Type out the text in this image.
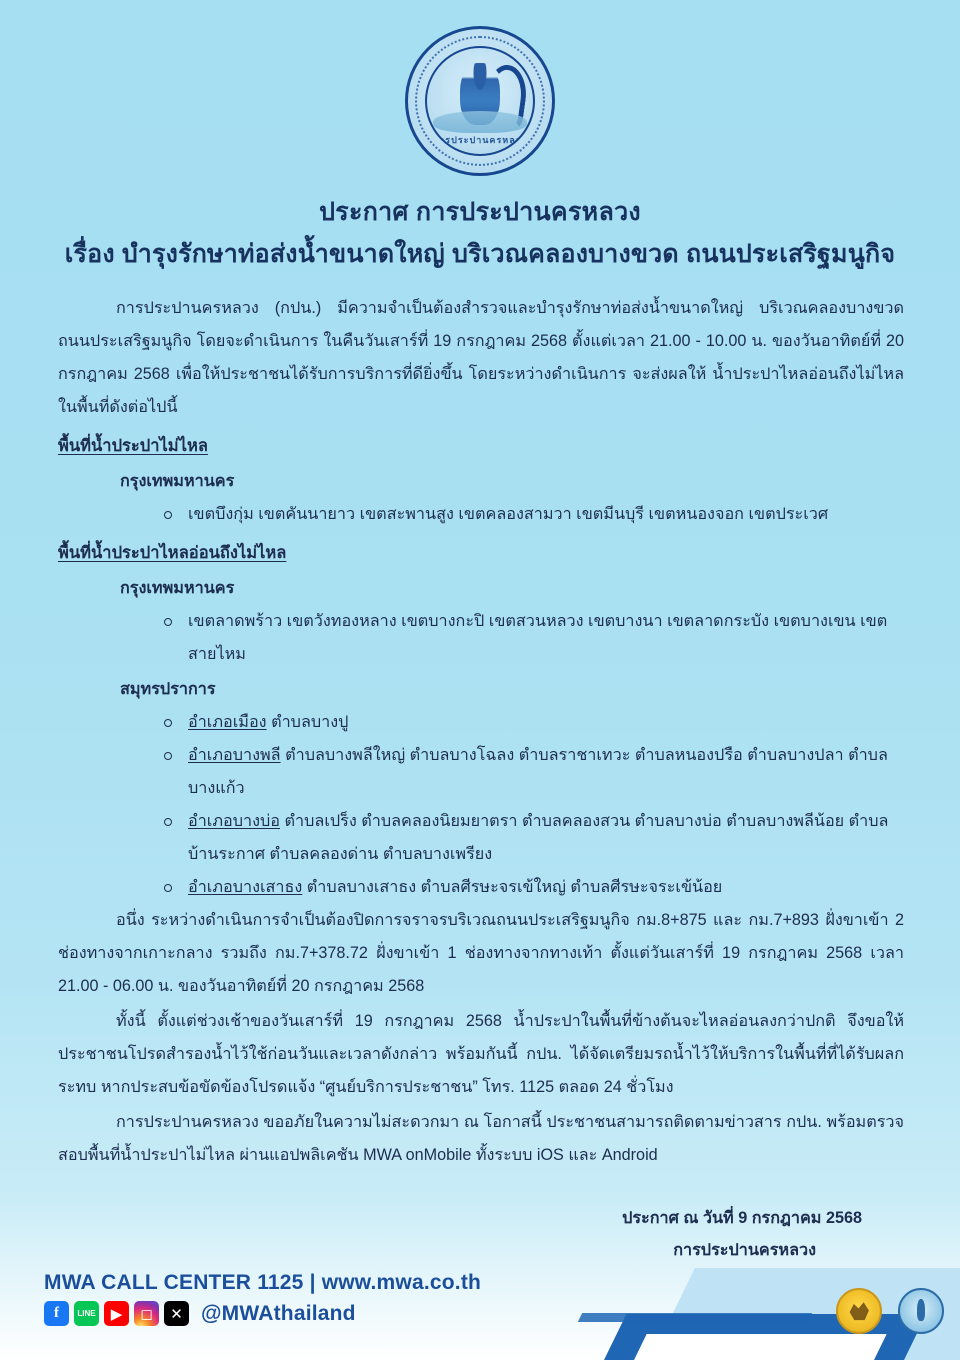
การประปานครหลวง
ประกาศ การประปานครหลวง
เรื่อง บำรุงรักษาท่อส่งน้ำขนาดใหญ่ บริเวณคลองบางขวด ถนนประเสริฐมนูกิจ

การประปานครหลวง (กปน.) มีความจำเป็นต้องสำรวจและบำรุงรักษาท่อส่งน้ำขนาดใหญ่ บริเวณคลองบางขวด ถนนประเสริฐมนูกิจ โดยจะดำเนินการ ในคืนวันเสาร์ที่ 19 กรกฎาคม 2568 ตั้งแต่เวลา 21.00 - 10.00 น. ของวันอาทิตย์ที่ 20 กรกฎาคม 2568 เพื่อให้ประชาชนได้รับการบริการที่ดียิ่งขึ้น โดยระหว่างดำเนินการ จะส่งผลให้ น้ำประปาไหลอ่อนถึงไม่ไหล ในพื้นที่ดังต่อไปนี้

พื้นที่น้ำประปาไม่ไหล
กรุงเทพมหานคร
เขตบึงกุ่ม เขตคันนายาว เขตสะพานสูง เขตคลองสามวา เขตมีนบุรี เขตหนองจอก เขตประเวศ
พื้นที่น้ำประปาไหลอ่อนถึงไม่ไหล
กรุงเทพมหานคร
เขตลาดพร้าว เขตวังทองหลาง เขตบางกะปิ เขตสวนหลวง เขตบางนา เขตลาดกระบัง เขตบางเขน เขตสายไหม
สมุทรปราการ
อำเภอเมือง ตำบลบางปู
อำเภอบางพลี ตำบลบางพลีใหญ่ ตำบลบางโฉลง ตำบลราชาเทวะ ตำบลหนองปรือ ตำบลบางปลา ตำบลบางแก้ว
อำเภอบางบ่อ ตำบลเปร็ง ตำบลคลองนิยมยาตรา ตำบลคลองสวน ตำบลบางบ่อ ตำบลบางพลีน้อย ตำบลบ้านระกาศ ตำบลคลองด่าน ตำบลบางเพรียง
อำเภอบางเสาธง ตำบลบางเสาธง ตำบลศีรษะจรเข้ใหญ่ ตำบลศีรษะจระเข้น้อย

อนึ่ง ระหว่างดำเนินการจำเป็นต้องปิดการจราจรบริเวณถนนประเสริฐมนูกิจ กม.8+875 และ กม.7+893 ฝั่งขาเข้า 2 ช่องทางจากเกาะกลาง รวมถึง กม.7+378.72 ฝั่งขาเข้า 1 ช่องทางจากทางเท้า ตั้งแต่วันเสาร์ที่ 19 กรกฎาคม 2568 เวลา 21.00 - 06.00 น. ของวันอาทิตย์ที่ 20 กรกฎาคม 2568

ทั้งนี้ ตั้งแต่ช่วงเช้าของวันเสาร์ที่ 19 กรกฎาคม 2568 น้ำประปาในพื้นที่ข้างต้นจะไหลอ่อนลงกว่าปกติ จึงขอให้ประชาชนโปรดสำรองน้ำไว้ใช้ก่อนวันและเวลาดังกล่าว พร้อมกันนี้ กปน. ได้จัดเตรียมรถน้ำไว้ให้บริการในพื้นที่ที่ได้รับผลกระทบ หากประสบข้อขัดข้องโปรดแจ้ง “ศูนย์บริการประชาชน” โทร. 1125 ตลอด 24 ชั่วโมง

การประปานครหลวง ขออภัยในความไม่สะดวกมา ณ โอกาสนี้ ประชาชนสามารถติดตามข่าวสาร กปน. พร้อมตรวจสอบพื้นที่น้ำประปาไม่ไหล ผ่านแอปพลิเคชัน MWA onMobile ทั้งระบบ iOS และ Android

ประกาศ ณ วันที่ 9 กรกฎาคม 2568
การประปานครหลวง
MWA CALL CENTER 1125 | www.mwa.co.th
f	LINE	▶	◻	✕ @MWAthailand
